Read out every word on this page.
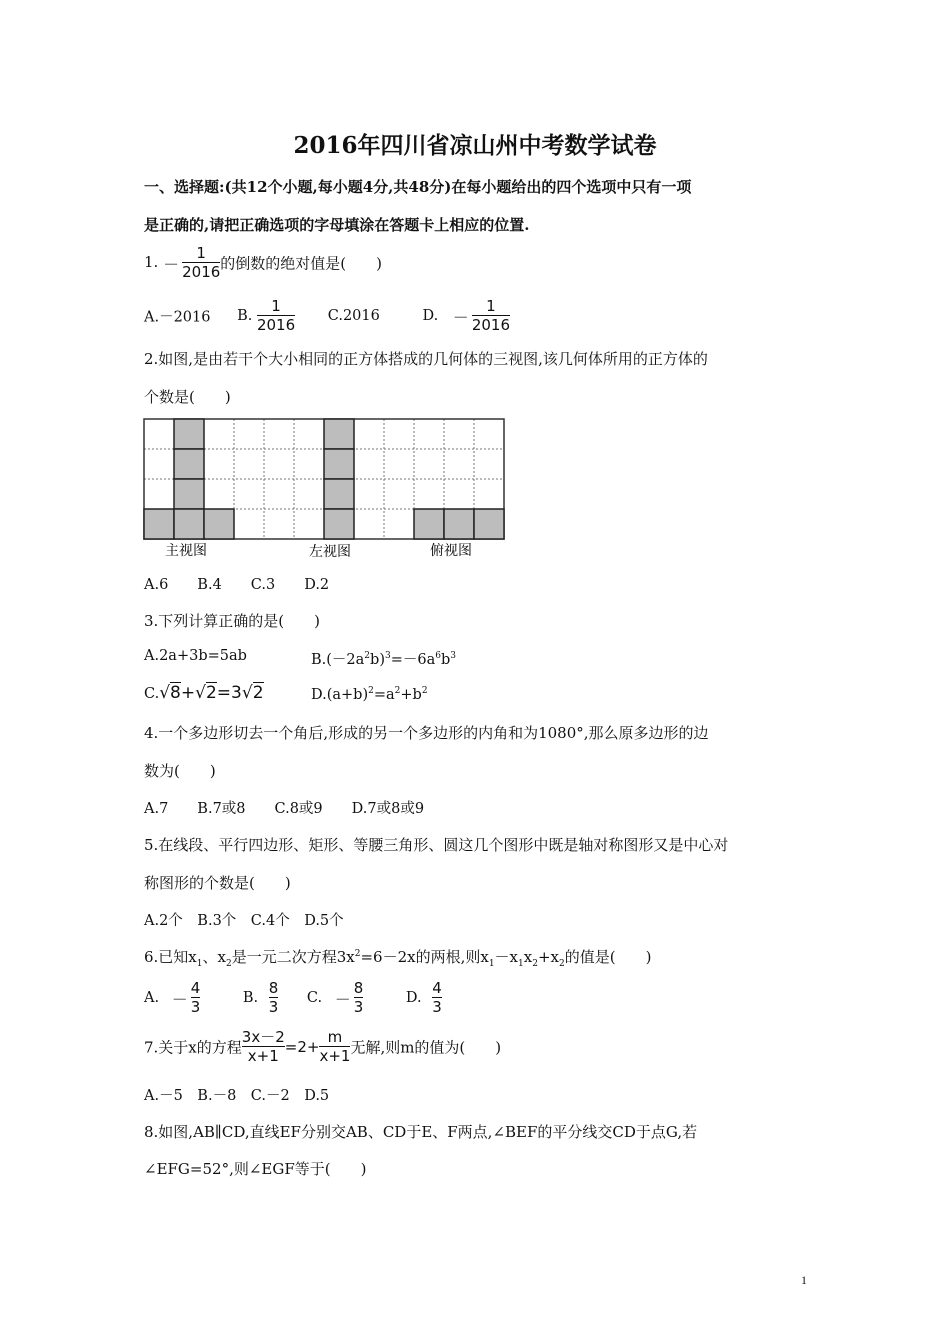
2016年四川省凉山州中考数学试卷
一、选择题:(共12个小题,每小题4分,共48分)在每小题给出的四个选项中只有一项
是正确的,请把正确选项的字母填涂在答题卡上相应的位置.
1. － $\frac{1}{2016}$ 的倒数的绝对值是(　　)
A.－2016 B. $\frac{1}{2016} C.2016$	D. － $\frac{1}{2016}$
2.如图,是由若干个大小相同的正方体搭成的几何体的三视图,该几何体所用的正方体的
个数是(　　)
主视图	左视图	俯视图
A.6　　B.4　　C.3　　D.2
3.下列计算正确的是(　　)
A.2a+3b=5ab	$B.(-2a^2b)^3=-6a^6b^3$
C.√8+√2=3√2	$D.(a+b)^2=a^2+b^2$
4.一个多边形切去一个角后,形成的另一个多边形的内角和为1080°,那么原多边形的边
数为(　　)
A.7　　B.7或8　　C.8或9　　D.7或8或9
5.在线段、平行四边形、矩形、等腰三角形、圆这几个图形中既是轴对称图形又是中心对
称图形的个数是(　　)
A.2个　B.3个　C.4个　D.5个
6.已知$x_1$、$x_2$是一元二次方程$3x^2=6-2x$的两根,则$x_1-x_1x_2+x_2$的值是(　　)
A. － $\frac{4}{3}$	B. $\frac{8}{3} C$. － $\frac{8}{3}$	D. $\frac{4}{3}$
7.关于x的方程 $\frac{3x-2}{x+1} =2+ \frac{m}{x+1}$ 无解,则m的值为(　　)
A.－5　B.－8　C.－2　D.5
8.如图,AB∥CD,直线EF分别交AB、CD于E、F两点,∠BEF的平分线交CD于点G,若
∠EFG=52°,则∠EGF等于(　　)
1
